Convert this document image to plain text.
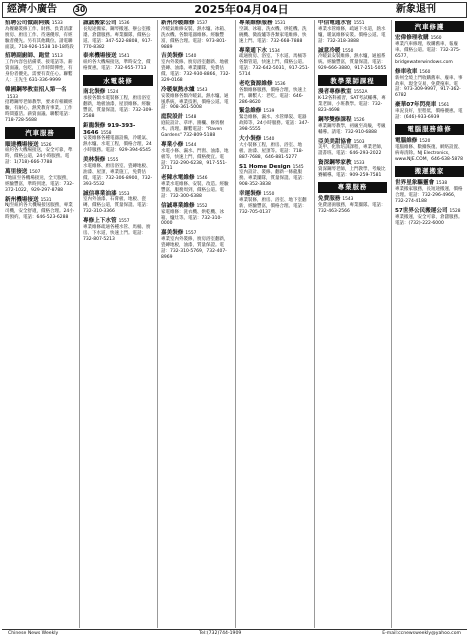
經濟小廣告	30	2025年04月04日	新象退刊
招聘公司做副阿姨 1533
為餐廳裝修工作、財務、負責清潔廚房、廚房工作、待遇優厚，有經驗者優先。另有其他職位。請電聯面談。718-926-1538 10-18時段
招聘副廚師、跑堂 1513
工作內容包括備菜、接電話等。薪資面議，包吃，工作時間彈性，有身份者優先。需要有責任心。聯繫人：王先生 631-336-9999
韓國鋼琴教室招人第一名1533
招聘鋼琴老師教學，要求有相關經驗，有耐心，熱愛教育事業。工作時間靈活。薪資面議。聯繫電話：718-728-5688
汽車服務
順達機場接送 1526
紐約各大機場接送，安全可靠，準時，價格公道，24小時服務。電話：1(718)-666-7788
萬里接送 1507
T地區至各機場接送，全天服務，經驗豐富，準時到達。電話：732-372-1022，929-297-8788
新州機場接送 1531
NJ至紐約各大機場接送服務，專業司機，安全舒適，價格合理。24小時預約。電話：646-523-6288
誠誠搬家公司 1536
長短途搬家、鋼琴搬運、辦公室搬遷、倉儲服務。專業團隊，價格公道。電話：347-522-8808，917-770-8382
泰來機場接送 1541
紐約各大機場接送，準時安全，價格實惠。電話：732-955-7713
水電裝修
南北裝修 1524
承接各類水電裝修工程，廚房浴室翻新，地板油漆，屋頂維修。經驗豐富，質量保證。電話：732-309-2588
鉅龍裝修 919-393-3646 1558
安裝維修各種電器設備，冷暖氣、熱水爐、水電工程，價格合理，24小時服務。電話：929-394-6545
美林裝修 1555
水電維修、廚房浴室、瓷磚地板、油漆、屋頂，專業施工，免費估價。電話：732-306-8900，732-393-5532
誠信專業油漆 1553
室內外油漆、石膏板、地板、瓷磚，價格公道，質量保證。電話：732-310-3366
專修上下水管 1557
專業維修疏通各種水管、馬桶、廚房、下水道，快速上門。電話：732-807-5213
新州冷暖維修 1537
冷暖氣維修安裝、熱水爐、冰箱、洗衣機、各類電器維修。經驗豐富，價格合理。電話：973-801-9889
吉美裝修 1540
室內外裝修、廚房浴室翻新、地板瓷磚、油漆。專業團隊，免費估價。電話：732-930-8866，732-329-0168
冷暖氣熱水爐 1543
安裝維修各類冷暖氣、熱水爐、通風系統，專業技術，價格公道。電話：908-361-5008
庭院設計 1548
庭院設計、草坪、圍欄、修剪樹木、清理。聯繫電話："Raven Gardens" 732-809-5188
專業小修 1544
水電小修、漏水、門窗、油漆、地板等，快速上門，價格便宜。電話：732-290-6238，917-551-3711
老陳水電維修 1546
專業水電維修、安裝、改造。經驗豐富，服務周到，價格公道。電話：732-300-6388
信誠專業維修 1552
家電維修：洗衣機、烘乾機、冰箱、爐灶等。電話：732-310-0000
嘉美裝修 1557
專業室內外裝修，廚房浴室翻新，瓷磚地板，油漆，質量保證。電話：732-310-5769，732-407-8969
專業維修服務 1531
空調、冰箱、洗衣機、烘乾機、洗碗機、微波爐等各類家電維修，快速上門。電話：732-668-7888
專業通下水 1534
疏通廚房、浴室、下水道、馬桶等各類管道，快速上門，價格公道。電話：732-642-5031，917-251-5714
老吃資源維修 1536
各類維修服務，價格合理，快速上門。聯繫人：老吃。電話：646-286-8620
緊急維修 1539
緊急維修，漏水、水管爆裂、電器故障等，24小時服務。電話：347-398-5555
大小裝修 1540
大小裝修工程，廚房、浴室、地板、油漆、屋頂等。電話：718-887-7688，646-881-5277
S1 Home Design 1545
室內設計、裝修、翻新一條龍服務。專業團隊，質量保證。電話：908-352-3838
幸運裝修 1550
專業裝修，廚房、浴室、地下室翻新，經驗豐富，價格合理。電話：732-705-0137
中信電通水管 1551
專業水管維修，疏通下水道，熱水爐，暖氣維修安裝。價格公道。電話：732-318-3888
誠意冷暖 1550
冷暖氣安裝維修，熱水爐，通風系統。經驗豐富，質量保證。電話：929-666-3880，917-251-5055
教學業師課程
漫者專修教室 1552A
K-12各科補習，SAT考試輔導，專業老師，小班教學。電話：732-823-4698
鋼琴雙修課程 1526
專業鋼琴教學，初級至高級，考級輔導。請電：732-910-6888
亞美美甜協會 1503
美甲、化妝培訓課程，專業老師，證書班。電話：646-293-2022
資深鋼琴家教 1533
資深鋼琴老師，上門教學，考級比賽輔導。電話：909-259-7581
專業服務
免費服務 1543
免費諮詢服務，專業團隊。電話：732-463-2566
汽車修護
宏偉修理收購 1560
專業汽車修理，收購舊車，報廢車。價格公道。電話：732-375-6577，bridgewaterwindows.com
修車收車 1560
新州全境上門收購舊車、廢車、事故車，現金交易，免費拖車。電話：973-309-9997，917-362-6782
豪華07年閃亮車 1561
車況良好，里程低，價格優惠。電話：(646)-933-6939
電腦服務維修
電腦維修 1520
電腦維修、數據恢復、網絡設置、病毒清除。NJ Electronics，www.NJE.COM，646-638-5878
搬運搬家
世界星象驅靈會 1538
專業搬家服務，長短途搬運，價格合理。電話：732-296-4966，732-274-4188
57世界公民搬運公司 1528
專業搬運，安全可靠，倉儲服務。電話：(732)-222-6000
Chinese News Weekly	Tel:(732)744-1909	E-mail:ccnewsweekly@yahoo.com
